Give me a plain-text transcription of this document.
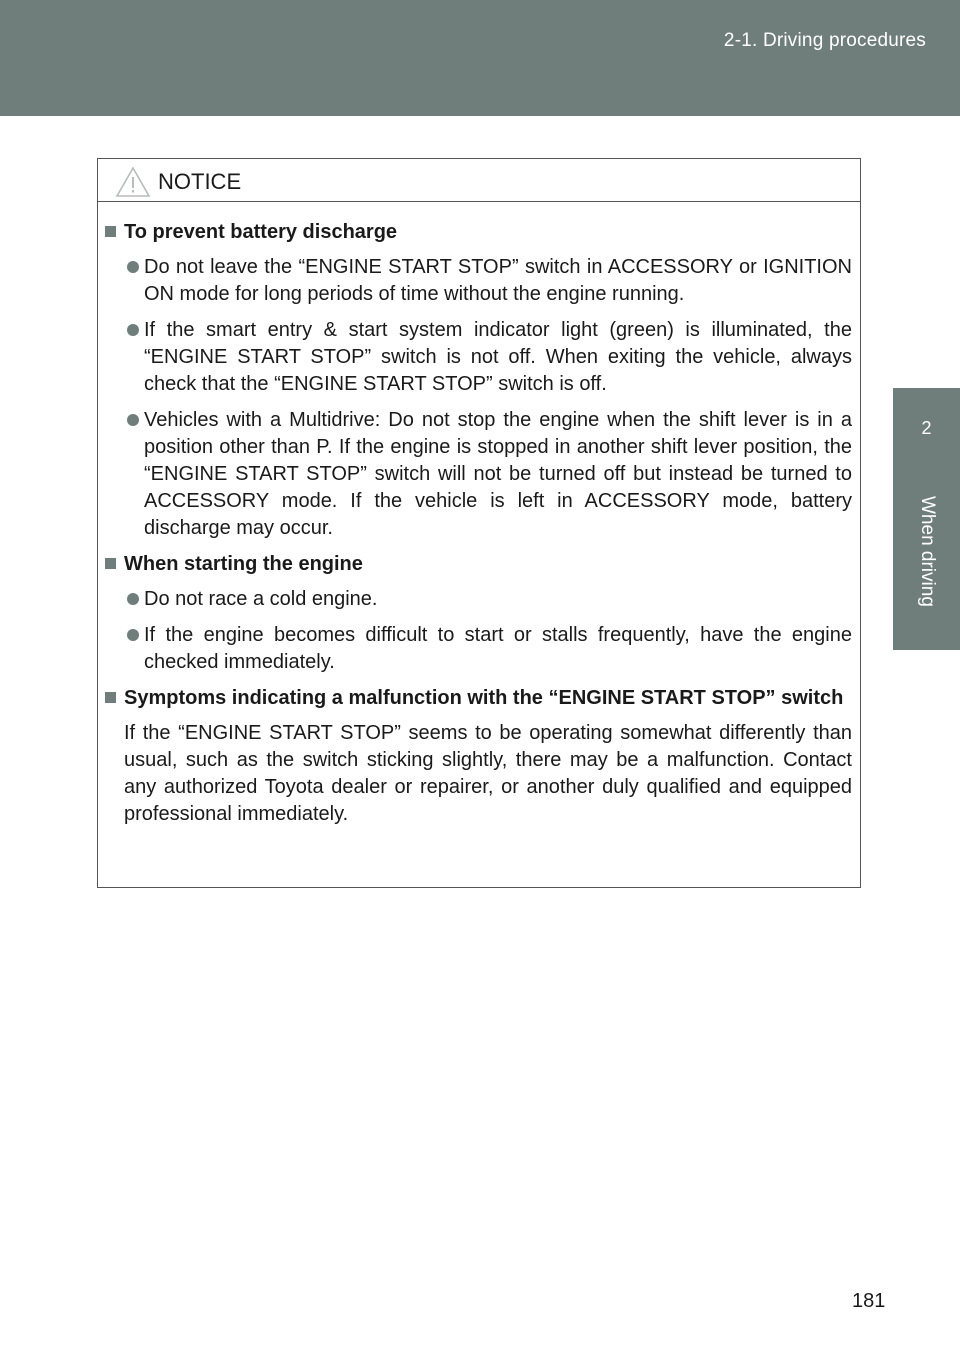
2-1. Driving procedures
2
When driving
NOTICE
To prevent battery discharge
Do not leave the “ENGINE START STOP” switch in ACCESSORY or IGNITION ON mode for long periods of time without the engine running.
If the smart entry & start system indicator light (green) is illuminated, the “ENGINE START STOP” switch is not off. When exiting the vehicle, always check that the “ENGINE START STOP” switch is off.
Vehicles with a Multidrive: Do not stop the engine when the shift lever is in a position other than P. If the engine is stopped in another shift lever position, the “ENGINE START STOP” switch will not be turned off but instead be turned to ACCESSORY mode. If the vehicle is left in ACCESSORY mode, battery discharge may occur.
When starting the engine
Do not race a cold engine.
If the engine becomes difficult to start or stalls frequently, have the engine checked immediately.
Symptoms indicating a malfunction with the “ENGINE START STOP” switch
If the “ENGINE START STOP” seems to be operating somewhat differently than usual, such as the switch sticking slightly, there may be a malfunction. Contact any authorized Toyota dealer or repairer, or another duly qualified and equipped professional immediately.
181
